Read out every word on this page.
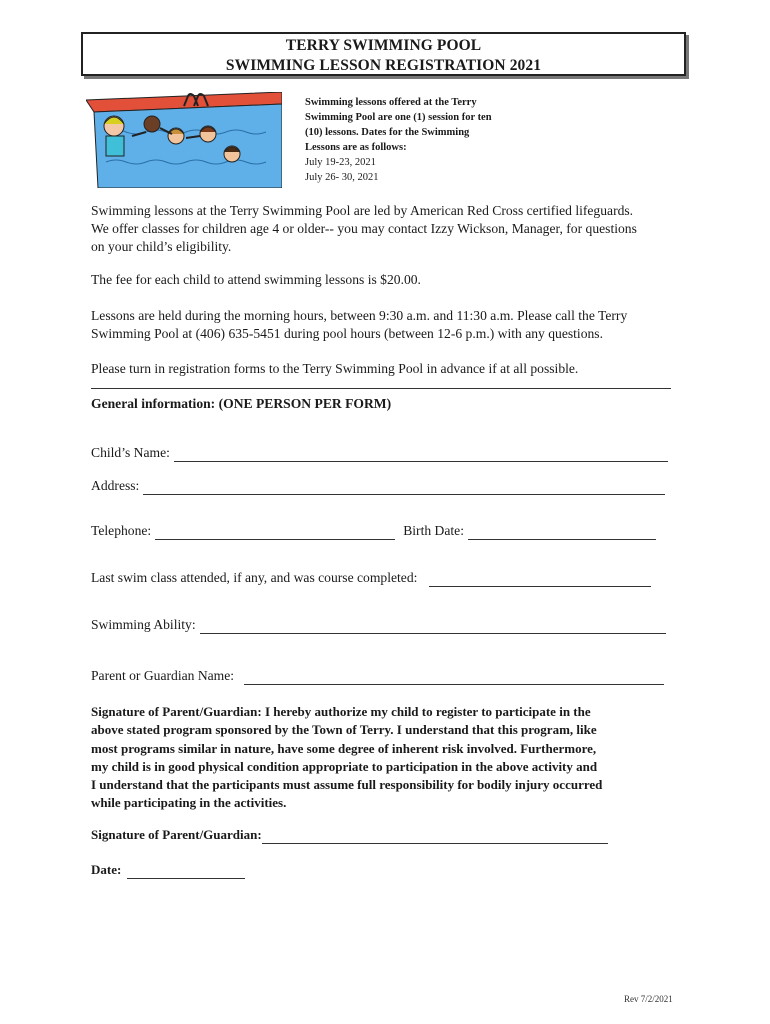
TERRY SWIMMING POOL
SWIMMING LESSON REGISTRATION 2021
Swimming lessons offered at the Terry
Swimming Pool are one (1) session for ten
(10) lessons. Dates for the Swimming
Lessons are as follows:
July 19-23, 2021
July 26- 30, 2021
Swimming lessons at the Terry Swimming Pool are led by American Red Cross certified lifeguards.
We offer classes for children age 4 or older-- you may contact Izzy Wickson, Manager, for questions
on your child’s eligibility.
The fee for each child to attend swimming lessons is $20.00.
Lessons are held during the morning hours, between 9:30 a.m. and 11:30 a.m. Please call the Terry
Swimming Pool at (406) 635-5451 during pool hours (between 12-6 p.m.) with any questions.
Please turn in registration forms to the Terry Swimming Pool in advance if at all possible.
General information: (ONE PERSON PER FORM)
Child’s Name:
Address:
Telephone:	Birth Date:
Last swim class attended, if any, and was course completed:
Swimming Ability:
Parent or Guardian Name:
Signature of Parent/Guardian: I hereby authorize my child to register to participate in the
above stated program sponsored by the Town of Terry. I understand that this program, like
most programs similar in nature, have some degree of inherent risk involved. Furthermore,
my child is in good physical condition appropriate to participation in the above activity and
I understand that the participants must assume full responsibility for bodily injury occurred
while participating in the activities.
Signature of Parent/Guardian:
Date:
Rev 7/2/2021
